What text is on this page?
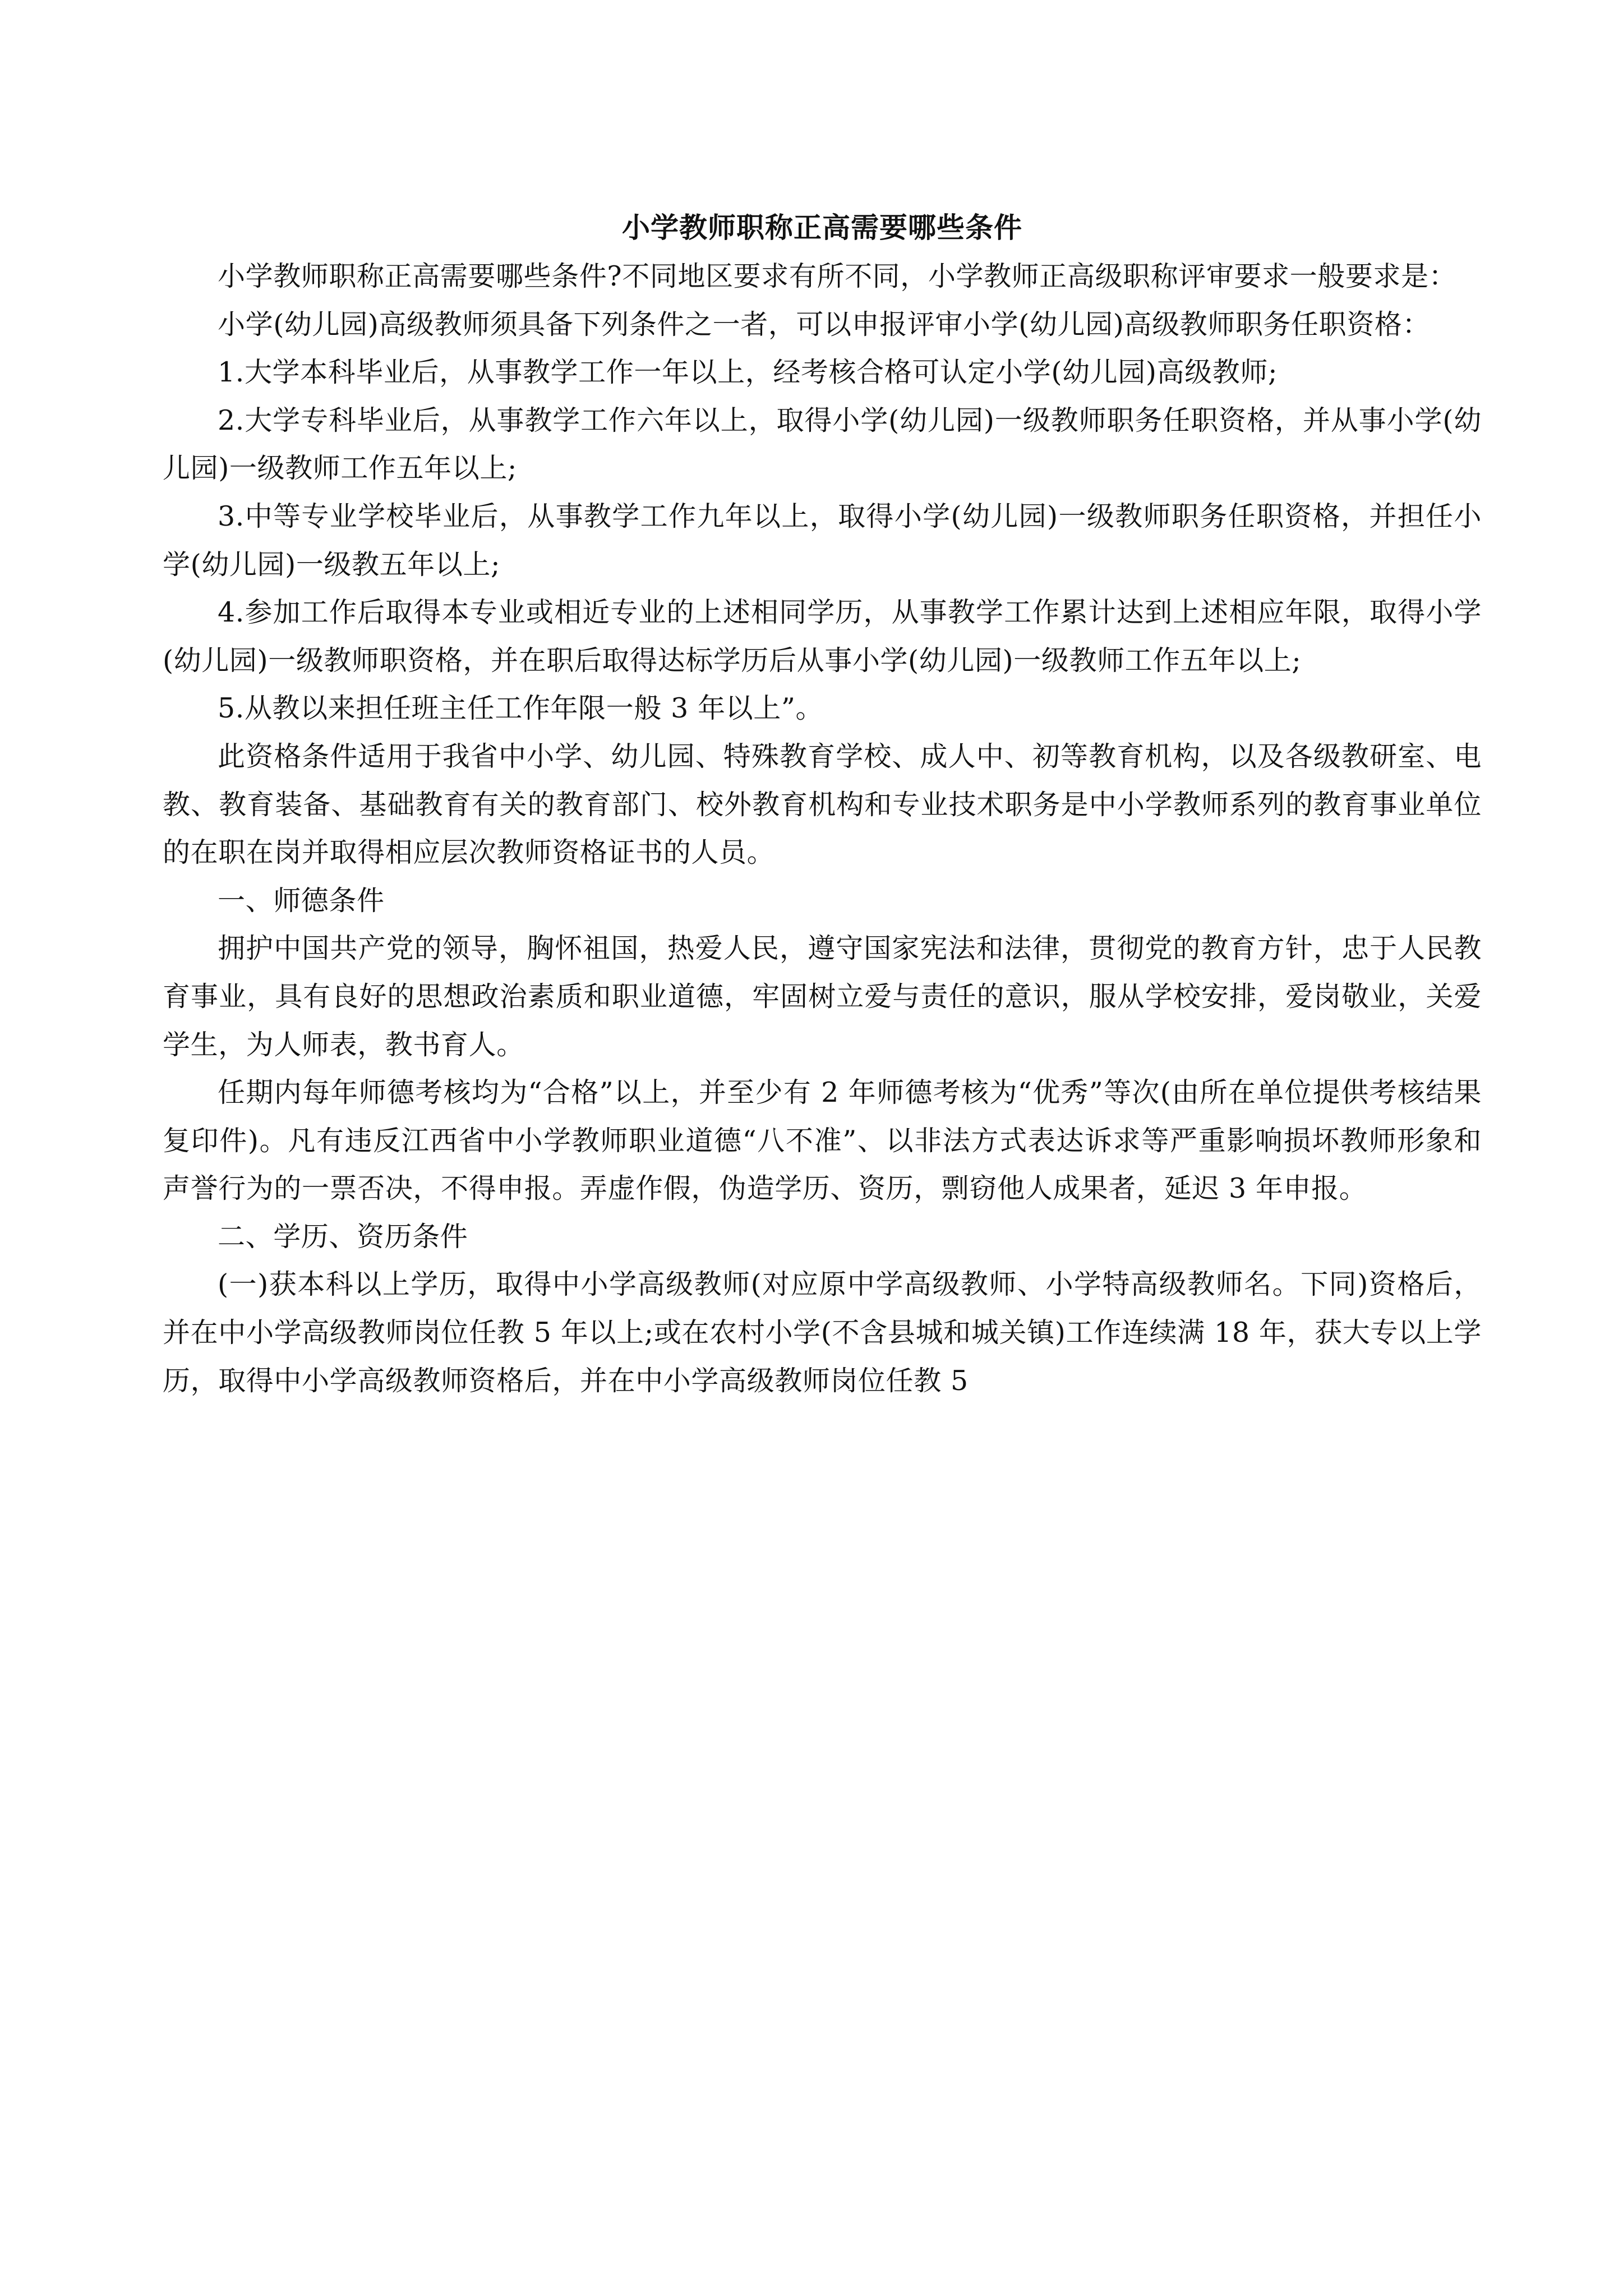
小学教师职称正高需要哪些条件

小学教师职称正高需要哪些条件?不同地区要求有所不同，小学教师正高级职称评审要求一般要求是：

小学(幼儿园)高级教师须具备下列条件之一者，可以申报评审小学(幼儿园)高级教师职务任职资格：

1.大学本科毕业后，从事教学工作一年以上，经考核合格可认定小学(幼儿园)高级教师;

2.大学专科毕业后，从事教学工作六年以上，取得小学(幼儿园)一级教师职务任职资格，并从事小学(幼儿园)一级教师工作五年以上;

3.中等专业学校毕业后，从事教学工作九年以上，取得小学(幼儿园)一级教师职务任职资格，并担任小学(幼儿园)一级教五年以上;

4.参加工作后取得本专业或相近专业的上述相同学历，从事教学工作累计达到上述相应年限，取得小学(幼儿园)一级教师职资格，并在职后取得达标学历后从事小学(幼儿园)一级教师工作五年以上;

5.从教以来担任班主任工作年限一般 3 年以上”。

此资格条件适用于我省中小学、幼儿园、特殊教育学校、成人中、初等教育机构，以及各级教研室、电教、教育装备、基础教育有关的教育部门、校外教育机构和专业技术职务是中小学教师系列的教育事业单位的在职在岗并取得相应层次教师资格证书的人员。

一、师德条件

拥护中国共产党的领导，胸怀祖国，热爱人民，遵守国家宪法和法律，贯彻党的教育方针，忠于人民教育事业，具有良好的思想政治素质和职业道德，牢固树立爱与责任的意识，服从学校安排，爱岗敬业，关爱学生，为人师表，教书育人。

任期内每年师德考核均为“合格”以上，并至少有 2 年师德考核为“优秀”等次(由所在单位提供考核结果复印件)。凡有违反江西省中小学教师职业道德“八不准”、以非法方式表达诉求等严重影响损坏教师形象和声誉行为的一票否决，不得申报。弄虚作假，伪造学历、资历，剽窃他人成果者，延迟 3 年申报。

二、学历、资历条件

(一)获本科以上学历，取得中小学高级教师(对应原中学高级教师、小学特高级教师名。下同)资格后，并在中小学高级教师岗位任教 5 年以上;或在农村小学(不含县城和城关镇)工作连续满 18 年，获大专以上学历，取得中小学高级教师资格后，并在中小学高级教师岗位任教 5
